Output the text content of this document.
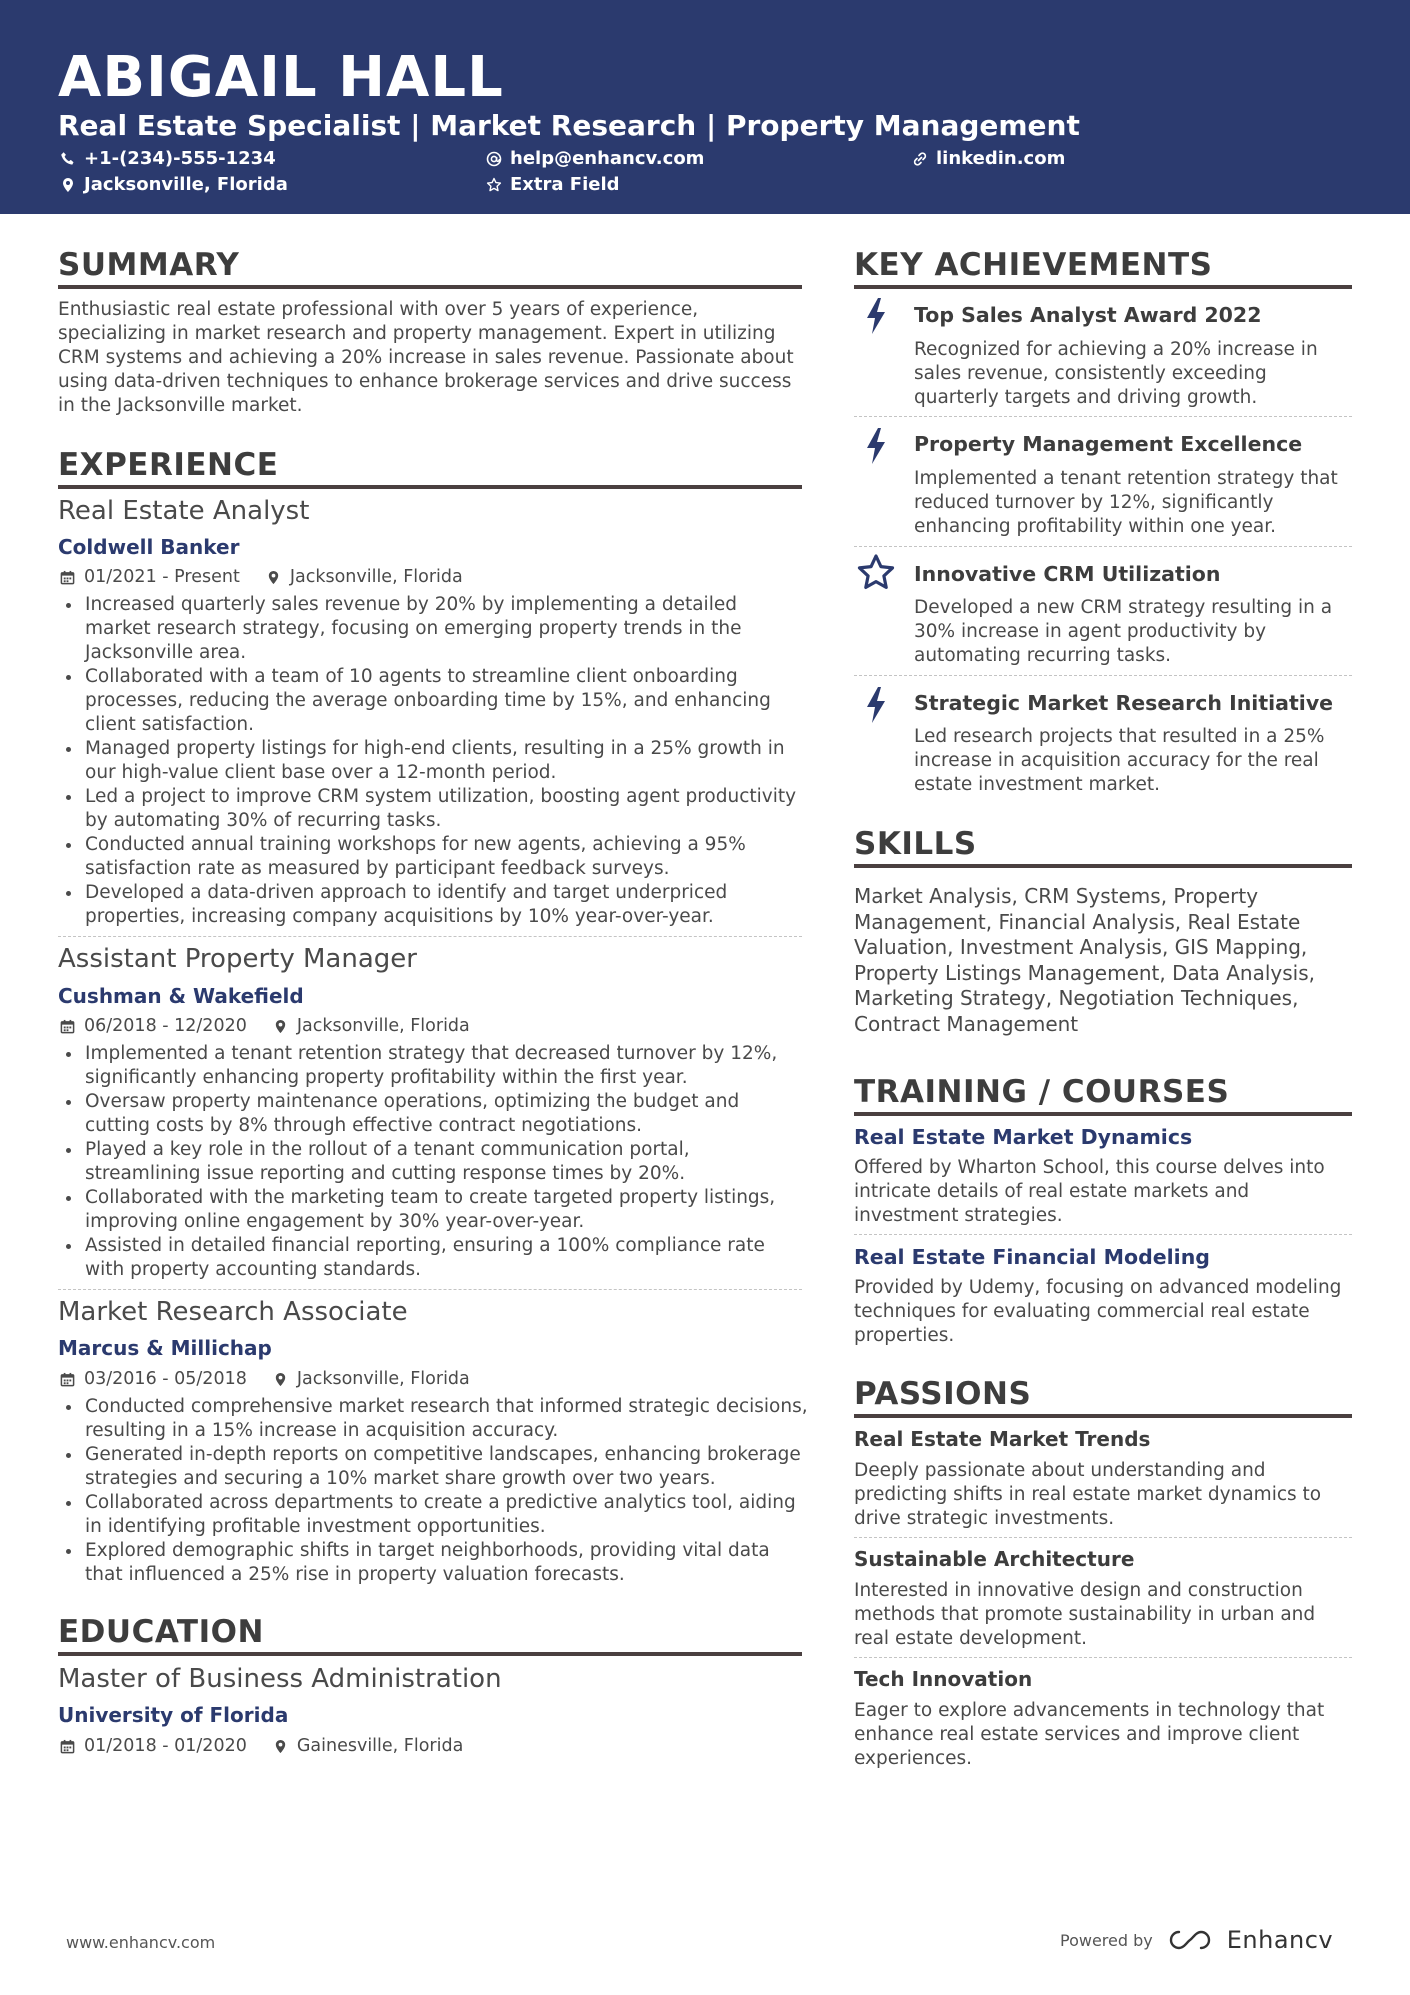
ABIGAIL HALL
Real Estate Specialist | Market Research | Property Management
+1-(234)-555-1234	help@enhancv.com	linkedin.com
Jacksonville, Florida	Extra Field
SUMMARY
Enthusiastic real estate professional with over 5 years of experience, specializing in market research and property management. Expert in utilizing CRM systems and achieving a 20% increase in sales revenue. Passionate about using data-driven techniques to enhance brokerage services and drive success in the Jacksonville market.
EXPERIENCE
Real Estate Analyst
Coldwell Banker
01/2021 - Present	Jacksonville, Florida
Increased quarterly sales revenue by 20% by implementing a detailed market research strategy, focusing on emerging property trends in the Jacksonville area.
Collaborated with a team of 10 agents to streamline client onboarding processes, reducing the average onboarding time by 15%, and enhancing client satisfaction.
Managed property listings for high-end clients, resulting in a 25% growth in our high-value client base over a 12-month period.
Led a project to improve CRM system utilization, boosting agent productivity by automating 30% of recurring tasks.
Conducted annual training workshops for new agents, achieving a 95% satisfaction rate as measured by participant feedback surveys.
Developed a data-driven approach to identify and target underpriced properties, increasing company acquisitions by 10% year-over-year.
Assistant Property Manager
Cushman & Wakefield
06/2018 - 12/2020	Jacksonville, Florida
Implemented a tenant retention strategy that decreased turnover by 12%, significantly enhancing property profitability within the first year.
Oversaw property maintenance operations, optimizing the budget and cutting costs by 8% through effective contract negotiations.
Played a key role in the rollout of a tenant communication portal, streamlining issue reporting and cutting response times by 20%.
Collaborated with the marketing team to create targeted property listings, improving online engagement by 30% year-over-year.
Assisted in detailed financial reporting, ensuring a 100% compliance rate with property accounting standards.
Market Research Associate
Marcus & Millichap
03/2016 - 05/2018	Jacksonville, Florida
Conducted comprehensive market research that informed strategic decisions, resulting in a 15% increase in acquisition accuracy.
Generated in-depth reports on competitive landscapes, enhancing brokerage strategies and securing a 10% market share growth over two years.
Collaborated across departments to create a predictive analytics tool, aiding in identifying profitable investment opportunities.
Explored demographic shifts in target neighborhoods, providing vital data that influenced a 25% rise in property valuation forecasts.
EDUCATION
Master of Business Administration
University of Florida
01/2018 - 01/2020	Gainesville, Florida
KEY ACHIEVEMENTS
Top Sales Analyst Award 2022
Recognized for achieving a 20% increase in sales revenue, consistently exceeding quarterly targets and driving growth.
Property Management Excellence
Implemented a tenant retention strategy that reduced turnover by 12%, significantly enhancing profitability within one year.
Innovative CRM Utilization
Developed a new CRM strategy resulting in a 30% increase in agent productivity by automating recurring tasks.
Strategic Market Research Initiative
Led research projects that resulted in a 25% increase in acquisition accuracy for the real estate investment market.
SKILLS
Market Analysis, CRM Systems, Property Management, Financial Analysis, Real Estate Valuation, Investment Analysis, GIS Mapping, Property Listings Management, Data Analysis, Marketing Strategy, Negotiation Techniques, Contract Management
TRAINING / COURSES
Real Estate Market Dynamics
Offered by Wharton School, this course delves into intricate details of real estate markets and investment strategies.
Real Estate Financial Modeling
Provided by Udemy, focusing on advanced modeling techniques for evaluating commercial real estate properties.
PASSIONS
Real Estate Market Trends
Deeply passionate about understanding and predicting shifts in real estate market dynamics to drive strategic investments.
Sustainable Architecture
Interested in innovative design and construction methods that promote sustainability in urban and real estate development.
Tech Innovation
Eager to explore advancements in technology that enhance real estate services and improve client experiences.
www.enhancv.com	Powered by	Enhancv
